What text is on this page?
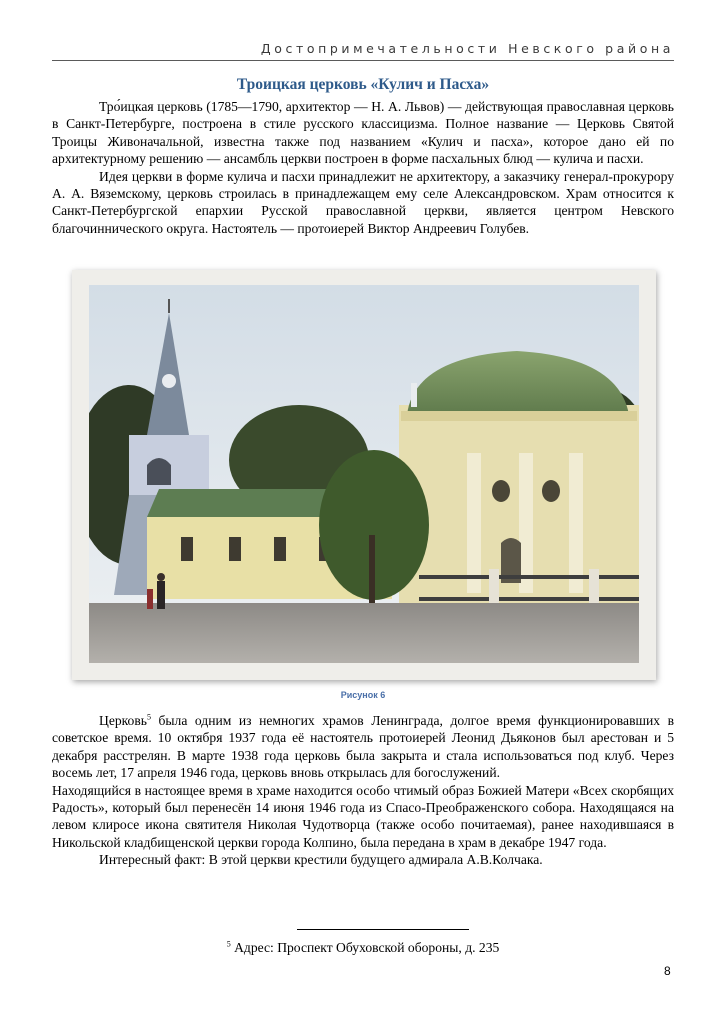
Достопримечательности Невского района
Троицкая церковь «Кулич и Пасха»

Тро́ицкая церковь (1785—1790, архитектор — Н. А. Львов) — действующая православная церковь в Санкт-Петербурге, построена в стиле русского классицизма. Полное название — Церковь Святой Троицы Живоначальной, известна также под названием «Кулич и пасха», которое дано ей по архитектурному решению — ансамбль церкви построен в форме пасхальных блюд — кулича и пасхи.

Идея церкви в форме кулича и пасхи принадлежит не архитектору, а заказчику генерал-прокурору А. А. Вяземскому, церковь строилась в принадлежащем ему селе Александровском. Храм относится к Санкт-Петербургской епархии Русской православной церкви, является центром Невского благочиннического округа. Настоятель — протоиерей Виктор Андреевич Голубев.

Рисунок 6

Церковь$^5$ была одним из немногих храмов Ленинграда, долгое время функционировавших в советское время. 10 октября 1937 года её настоятель протоиерей Леонид Дьяконов был арестован и 5 декабря расстрелян. В марте 1938 года церковь была закрыта и стала использоваться под клуб. Через восемь лет, 17 апреля 1946 года, церковь вновь открылась для богослужений.

Находящийся в настоящее время в храме находится особо чтимый образ Божией Матери «Всех скорбящих Радость», который был перенесён 14 июня 1946 года из Спасо-Преображенского собора. Находящаяся на левом клиросе икона святителя Николая Чудотворца (также особо почитаемая), ранее находившаяся в Никольской кладбищенской церкви города Колпино, была передана в храм в декабре 1947 года.

Интересный факт: В этой церкви крестили будущего адмирала А.В.Колчака.

$^5$ Адрес: Проспект Обуховской обороны, д. 235
8
